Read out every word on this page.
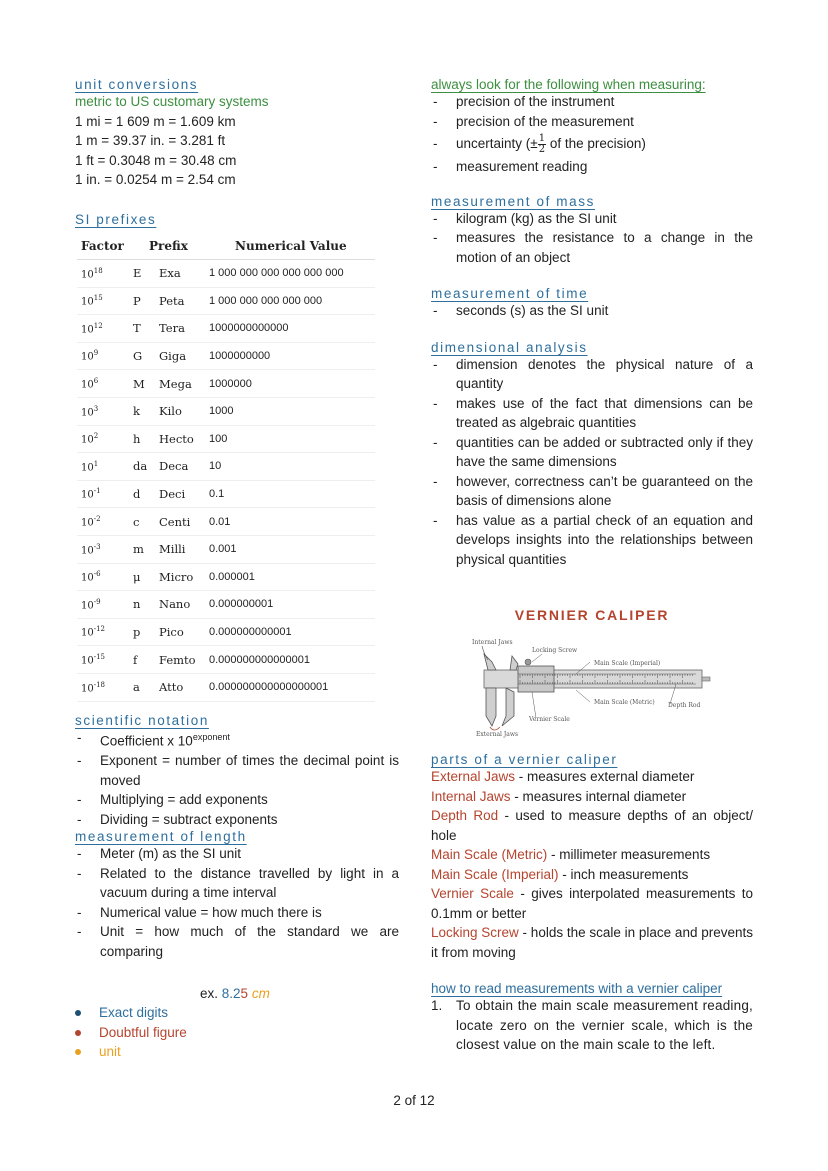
unit conversions
metric to US customary systems
1 mi = 1 609 m = 1.609 km
1 m = 39.37 in. = 3.281 ft
1 ft = 0.3048 m = 30.48 cm
1 in. = 0.0254 m = 2.54 cm
SI prefixes
Factor	Prefix		Numerical Value
$10^{18}$	E	Exa	1 000 000 000 000 000 000
$10^{15}$	P	Peta	1 000 000 000 000 000
$10^{12}$	T	Tera	1000000000000
$10^9$	G	Giga	1000000000
$10^6$	M	Mega	1000000
$10^3$	k	Kilo	1000
$10^2$	h	Hecto	100
$10^1$	da	Deca	10
$10^{-1}$	d	Deci	0.1
$10^{-2}$	c	Centi	0.01
$10^{-3}$	m	Milli	0.001
$10^{-6}$	μ	Micro	0.000001
$10^{-9}$	n	Nano	0.000000001
$10^{-12}$	p	Pico	0.000000000001
$10^{-15}$	f	Femto	0.000000000000001
$10^{-18}$	a	Atto	0.000000000000000001
scientific notation
- Coefficient x $10^{exponent}$
- Exponent = number of times the decimal point is moved
- Multiplying = add exponents
- Dividing = subtract exponents
measurement of length
- Meter (m) as the SI unit
- Related to the distance travelled by light in a vacuum during a time interval
- Numerical value = how much there is
- Unit = how much of the standard we are comparing
ex. 8.25 cm
Exact digits
Doubtful figure
unit
always look for the following when measuring:
- precision of the instrument
- precision of the measurement
- uncertainty (± $\frac{1}{2}$ of the precision)
- measurement reading
measurement of mass
- kilogram (kg) as the SI unit
- measures the resistance to a change in the motion of an object
measurement of time
- seconds (s) as the SI unit
dimensional analysis
- dimension denotes the physical nature of a quantity
- makes use of the fact that dimensions can be treated as algebraic quantities
- quantities can be added or subtracted only if they have the same dimensions
- however, correctness can’t be guaranteed on the basis of dimensions alone
- has value as a partial check of an equation and develops insights into the relationships between physical quantities
VERNIER CALIPER
Internal Jaws
Locking Screw
Main Scale (Imperial)
Main Scale (Metric) Depth Rod
Vernier Scale
External Jaws
parts of a vernier caliper
External Jaws - measures external diameter
Internal Jaws - measures internal diameter
Depth Rod - used to measure depths of an object/ hole
Main Scale (Metric) - millimeter measurements
Main Scale (Imperial) - inch measurements
Vernier Scale - gives interpolated measurements to 0.1mm or better
Locking Screw - holds the scale in place and prevents it from moving
how to read measurements with a vernier caliper
1.	To obtain the main scale measurement reading, locate zero on the vernier scale, which is the closest value on the main scale to the left.
2 of 12
